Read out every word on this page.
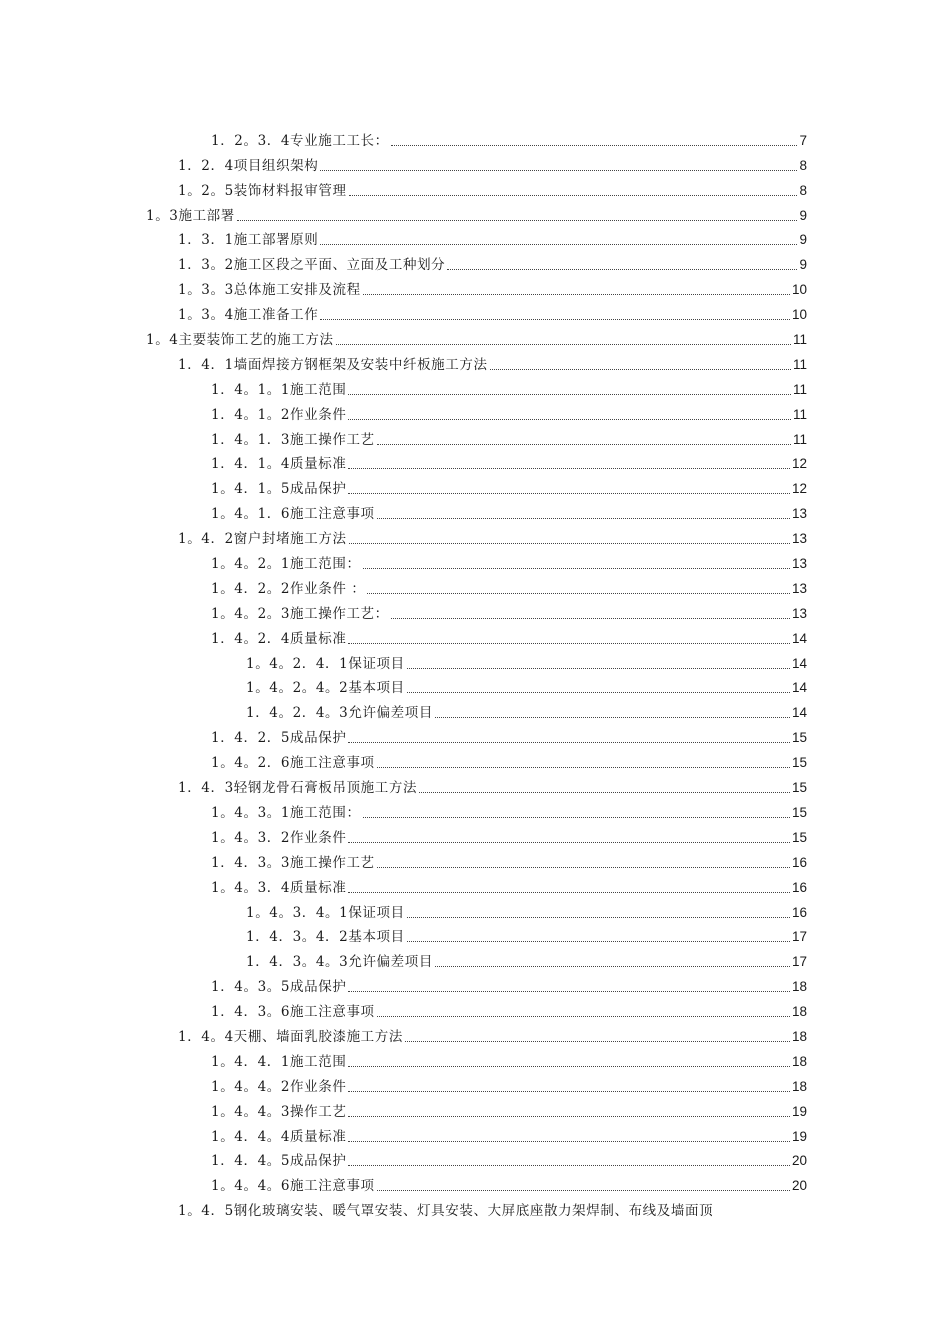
1．2。3．4专业施工工长：	7
1．2．4项目组织架构	8
1。2。5装饰材料报审管理	8
1。3施工部署	9
1．3．1施工部署原则	9
1．3。2施工区段之平面、立面及工种划分	9
1。3。3总体施工安排及流程	10
1。3。4施工准备工作	10
1。4主要装饰工艺的施工方法	11
1．4．1墙面焊接方钢框架及安装中纤板施工方法	11
1．4。1。1施工范围	11
1．4。1。2作业条件	11
1．4。1．3施工操作工艺	11
1．4．1。4质量标准	12
1。4．1。5成品保护	12
1。4。1．6施工注意事项	13
1。4．2窗户封堵施工方法	13
1。4。2。1施工范围：	13
1。4．2。2作业条件 ：	13
1。4。2。3施工操作工艺：	13
1．4。2．4质量标准	14
1。4。2．4．1保证项目	14
1。4。2。4。2基本项目	14
1．4。2．4。3允许偏差项目	14
1．4．2．5成品保护	15
1。4。2．6施工注意事项	15
1．4．3轻钢龙骨石膏板吊顶施工方法	15
1。4。3。1施工范围：	15
1。4。3．2作业条件	15
1．4．3。3施工操作工艺	16
1。4。3．4质量标准	16
1。4。3．4。1保证项目	16
1．4．3。4．2基本项目	17
1．4．3。4。3允许偏差项目	17
1．4。3。5成品保护	18
1．4．3。6施工注意事项	18
1．4。4天棚、墙面乳胶漆施工方法	18
1。4．4．1施工范围	18
1。4。4。2作业条件	18
1。4。4。3操作工艺	19
1。4．4。4质量标准	19
1．4．4。5成品保护	20
1。4。4。6施工注意事项	20
1。4．5钢化玻璃安装、暖气罩安装、灯具安装、大屏底座散力架焊制、布线及墙面顶
